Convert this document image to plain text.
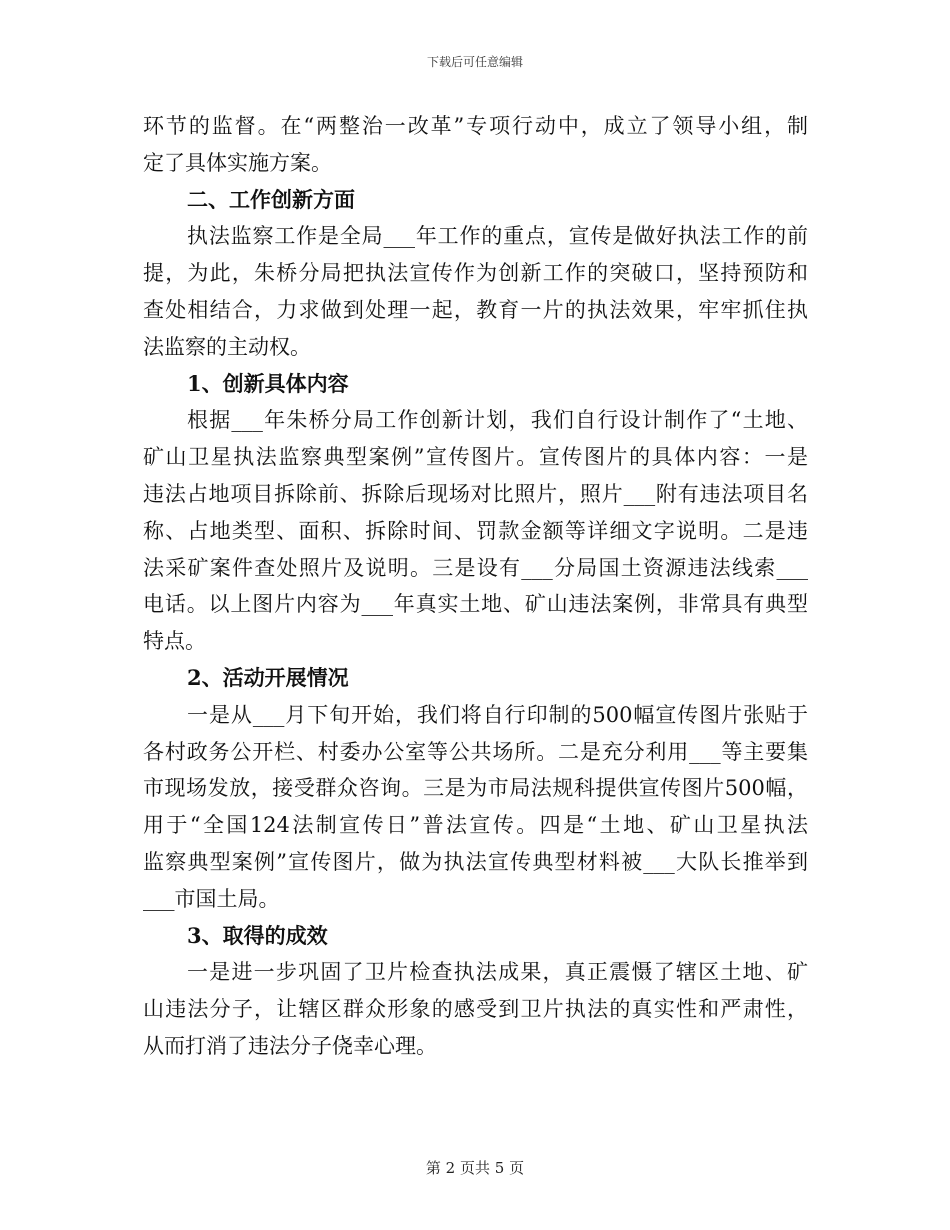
下载后可任意编辑
环节的监督。在“两整治一改革”专项行动中，成立了领导小组，制
定了具体实施方案。
二、工作创新方面
执法监察工作是全局___年工作的重点，宣传是做好执法工作的前
提，为此，朱桥分局把执法宣传作为创新工作的突破口，坚持预防和
查处相结合，力求做到处理一起，教育一片的执法效果，牢牢抓住执
法监察的主动权。
1、创新具体内容
根据___年朱桥分局工作创新计划，我们自行设计制作了“土地、
矿山卫星执法监察典型案例”宣传图片。宣传图片的具体内容：一是
违法占地项目拆除前、拆除后现场对比照片，照片___附有违法项目名
称、占地类型、面积、拆除时间、罚款金额等详细文字说明。二是违
法采矿案件查处照片及说明。三是设有___分局国土资源违法线索___
电话。以上图片内容为___年真实土地、矿山违法案例，非常具有典型
特点。
2、活动开展情况
一是从___月下旬开始，我们将自行印制的500幅宣传图片张贴于
各村政务公开栏、村委办公室等公共场所。二是充分利用___等主要集
市现场发放，接受群众咨询。三是为市局法规科提供宣传图片500幅，
用于“全国124法制宣传日”普法宣传。四是“土地、矿山卫星执法
监察典型案例”宣传图片，做为执法宣传典型材料被___大队长推举到
___市国土局。
3、取得的成效
一是进一步巩固了卫片检查执法成果，真正震慑了辖区土地、矿
山违法分子，让辖区群众形象的感受到卫片执法的真实性和严肃性，
从而打消了违法分子侥幸心理。
第 2 页共 5 页
